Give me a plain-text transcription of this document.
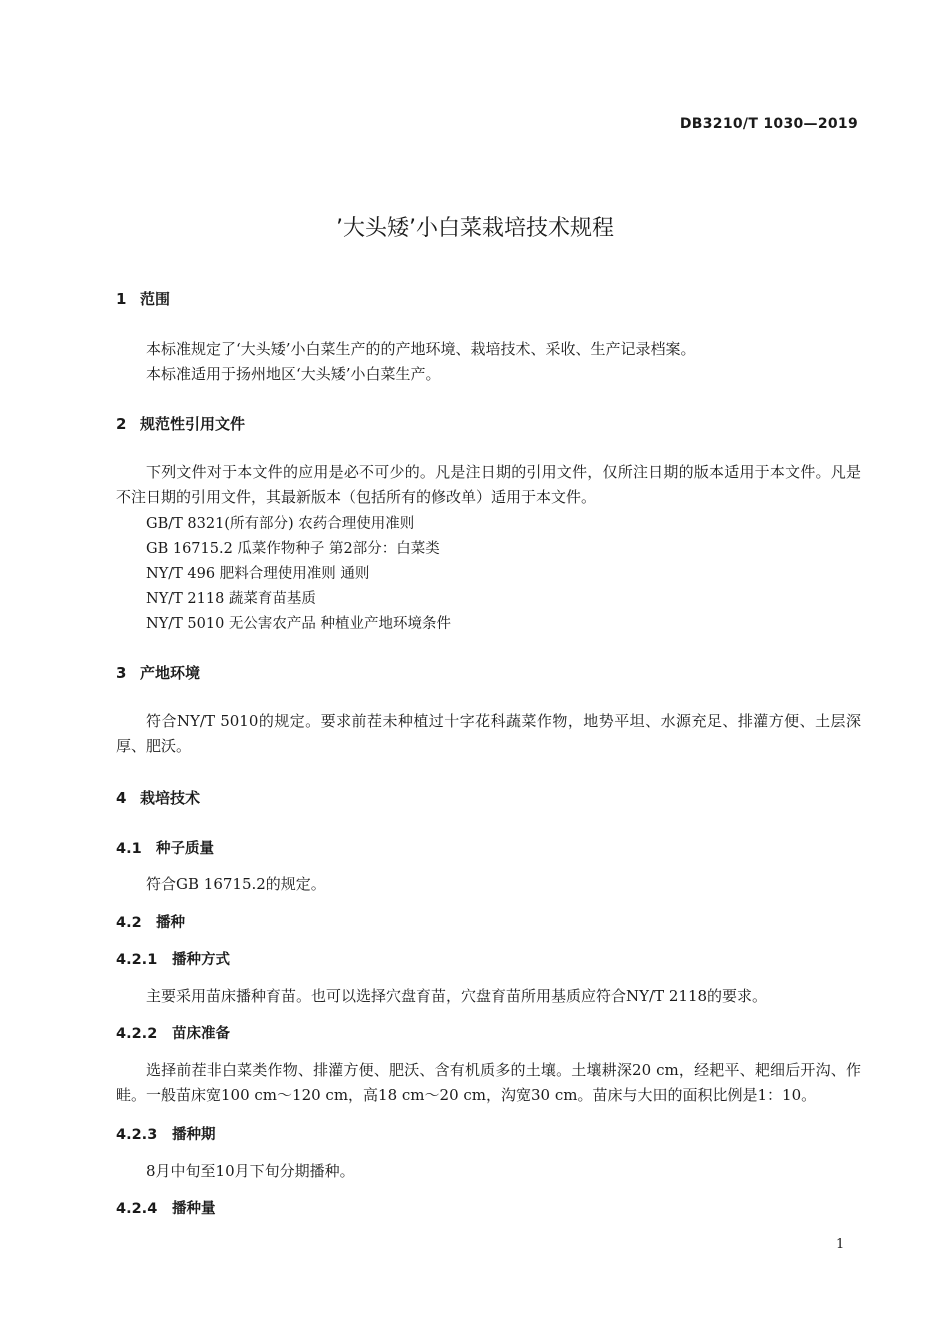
DB3210/T 1030—2019
’大头矮’小白菜栽培技术规程
1 范围
本标准规定了‘大头矮’小白菜生产的的产地环境、栽培技术、采收、生产记录档案。
本标准适用于扬州地区‘大头矮’小白菜生产。
2 规范性引用文件
下列文件对于本文件的应用是必不可少的。凡是注日期的引用文件，仅所注日期的版本适用于本文件。凡是不注日期的引用文件，其最新版本（包括所有的修改单）适用于本文件。
GB/T 8321(所有部分) 农药合理使用准则
GB 16715.2 瓜菜作物种子 第2部分：白菜类
NY/T 496 肥料合理使用准则 通则
NY/T 2118 蔬菜育苗基质
NY/T 5010 无公害农产品 种植业产地环境条件
3 产地环境
符合NY/T 5010的规定。要求前茬未种植过十字花科蔬菜作物，地势平坦、水源充足、排灌方便、土层深厚、肥沃。
4 栽培技术
4.1 种子质量
符合GB 16715.2的规定。
4.2 播种
4.2.1 播种方式
主要采用苗床播种育苗。也可以选择穴盘育苗，穴盘育苗所用基质应符合NY/T 2118的要求。
4.2.2 苗床准备
选择前茬非白菜类作物、排灌方便、肥沃、含有机质多的土壤。土壤耕深20 cm，经耙平、耙细后开沟、作畦。一般苗床宽100 cm～120 cm，高18 cm～20 cm，沟宽30 cm。苗床与大田的面积比例是1：10。
4.2.3 播种期
8月中旬至10月下旬分期播种。
4.2.4 播种量
1
